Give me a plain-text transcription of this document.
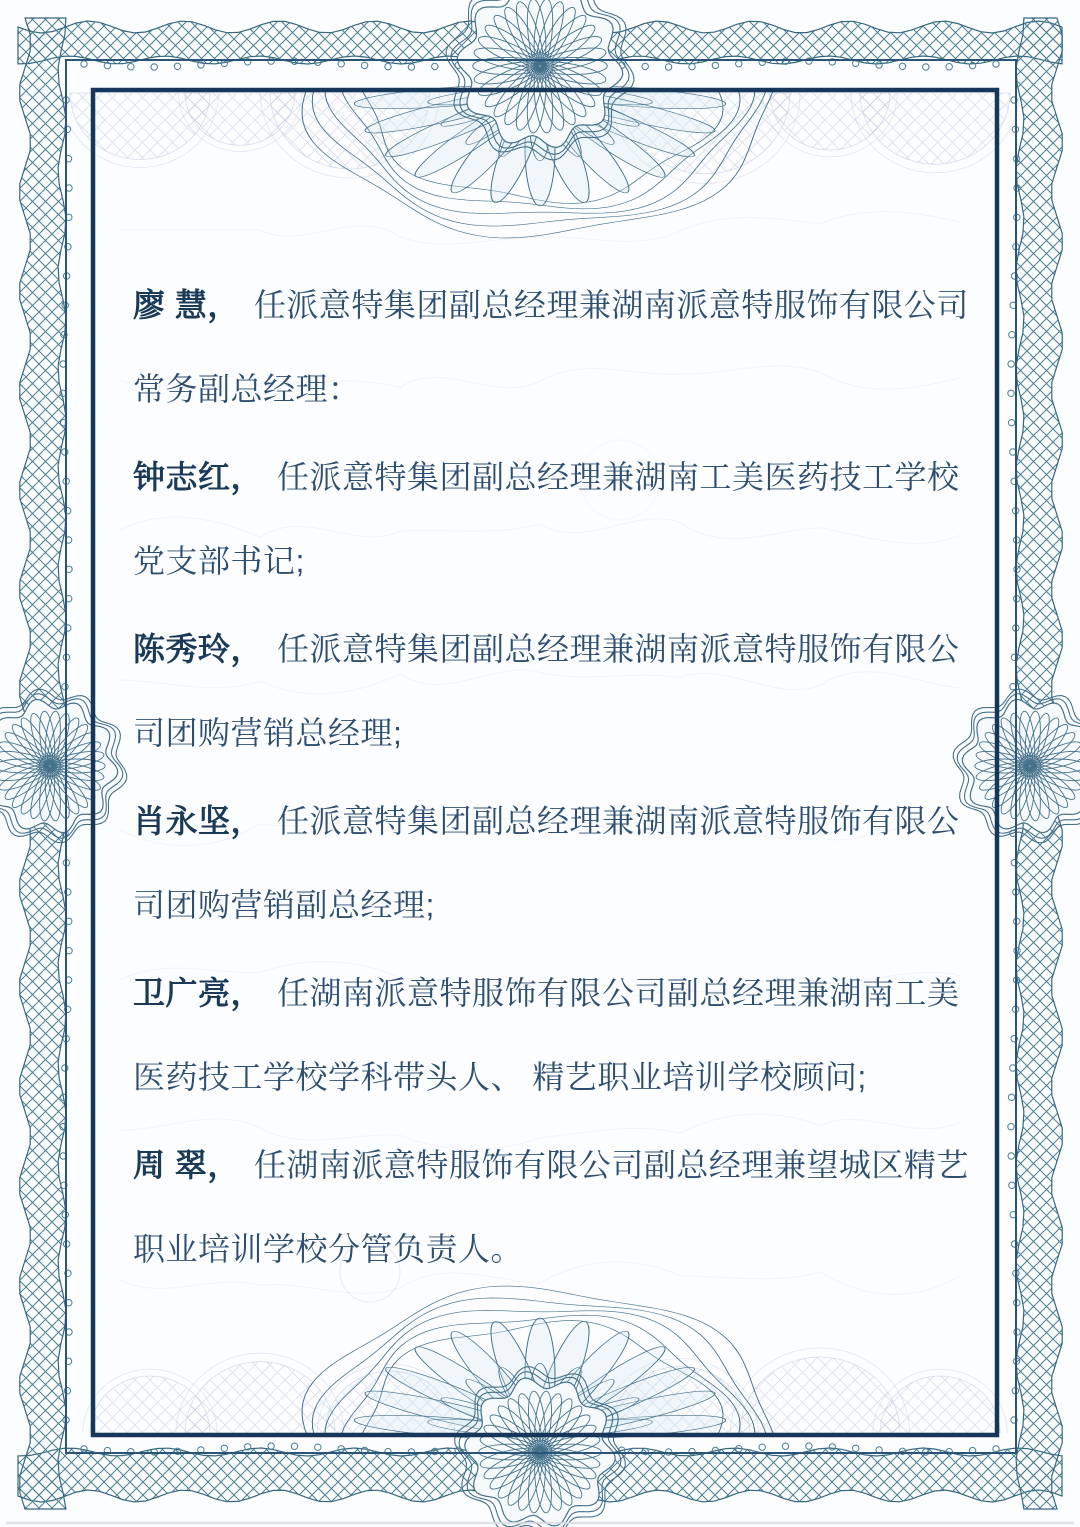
廖 慧， 任派意特集团副总经理兼湖南派意特服饰有限公司
常务副总经理：

钟志红， 任派意特集团副总经理兼湖南工美医药技工学校
党支部书记;

陈秀玲， 任派意特集团副总经理兼湖南派意特服饰有限公
司团购营销总经理;

肖永坚， 任派意特集团副总经理兼湖南派意特服饰有限公
司团购营销副总经理;

卫广亮， 任湖南派意特服饰有限公司副总经理兼湖南工美
医药技工学校学科带头人、 精艺职业培训学校顾问;

周 翠， 任湖南派意特服饰有限公司副总经理兼望城区精艺
职业培训学校分管负责人。
